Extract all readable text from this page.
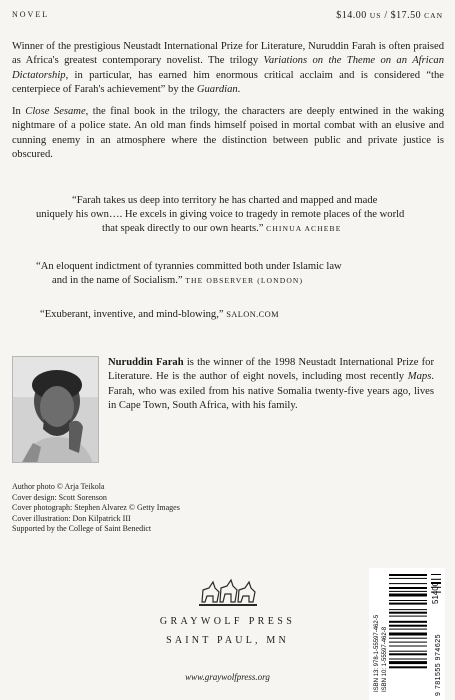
NOVEL	$14.00 US / $17.50 CAN

Winner of the prestigious Neustadt International Prize for Literature, Nuruddin Farah is often praised as Africa's greatest contemporary novelist. The trilogy Variations on the Theme on an African Dictatorship, in particular, has earned him enormous critical acclaim and is considered “the centerpiece of Farah's achievement” by the Guardian.

In Close Sesame, the final book in the trilogy, the characters are deeply entwined in the waking nightmare of a police state. An old man finds himself poised in mortal combat with an elusive and cunning enemy in an atmosphere where the distinction between public and private justice is obscured.

“Farah takes us deep into territory he has charted and mapped and made
uniquely his own…. He excels in giving voice to tragedy in remote places of the world
that speak directly to our own hearts.” CHINUA ACHEBE
“An eloquent indictment of tyrannies committed both under Islamic law
and in the name of Socialism.” THE OBSERVER (LONDON)
“Exuberant, inventive, and mind-blowing,” SALON.COM

Nuruddin Farah is the winner of the 1998 Neustadt International Prize for Literature. He is the author of eight novels, including most recently Maps. Farah, who was exiled from his native Somalia twenty-five years ago, lives in Cape Town, South Africa, with his family.

Author photo © Arja Teikola
Cover design: Scott Sorenson
Cover photograph: Stephen Alvarez © Getty Images
Cover illustration: Don Kilpatrick III
Supported by the College of Saint Benedict
GRAYWOLF PRESS
SAINT PAUL, MN
www.graywolfpress.org	ISBN 13: 978-1-55597-462-5 ISBN 10: 1-55597-462-8
51400
9 781555 974625
